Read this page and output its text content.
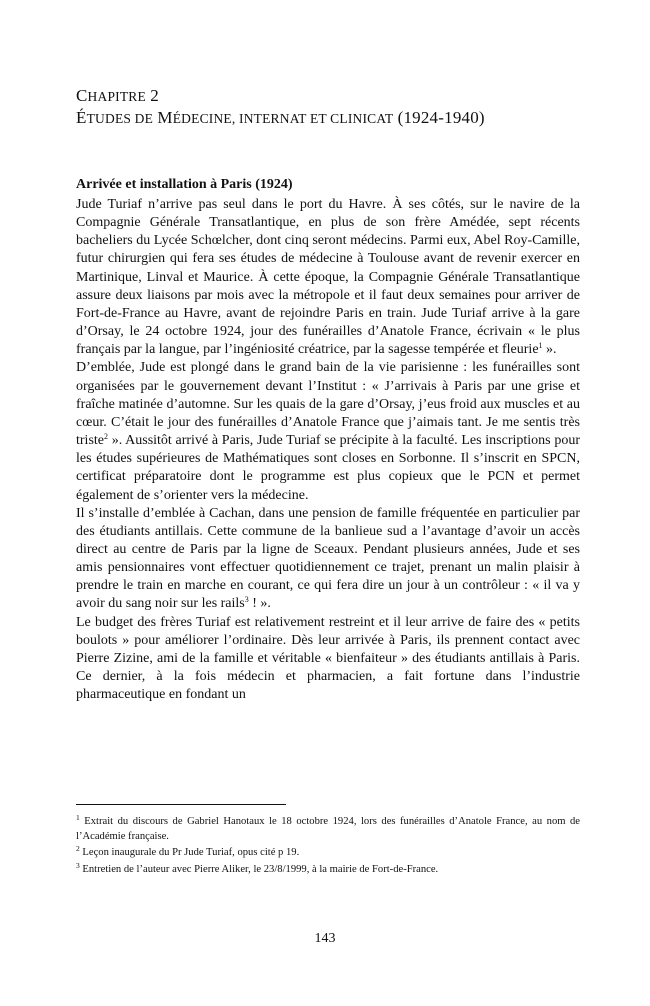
CHAPITRE 2
ÉTUDES DE MÉDECINE, INTERNAT ET CLINICAT (1924-1940)
Arrivée et installation à Paris (1924)

Jude Turiaf n’arrive pas seul dans le port du Havre. À ses côtés, sur le navire de la Compagnie Générale Transatlantique, en plus de son frère Amédée, sept récents bacheliers du Lycée Schœlcher, dont cinq seront médecins. Parmi eux, Abel Roy-Camille, futur chirurgien qui fera ses études de médecine à Toulouse avant de revenir exercer en Martinique, Linval et Maurice. À cette époque, la Compagnie Générale Transatlantique assure deux liaisons par mois avec la métropole et il faut deux semaines pour arriver de Fort-de-France au Havre, avant de rejoindre Paris en train. Jude Turiaf arrive à la gare d’Orsay, le 24 octobre 1924, jour des funérailles d’Anatole France, écrivain « le plus français par la langue, par l’ingéniosité créatrice, par la sagesse tempérée et fleurie$^1$ ».

D’emblée, Jude est plongé dans le grand bain de la vie parisienne : les funérailles sont organisées par le gouvernement devant l’Institut : « J’arrivais à Paris par une grise et fraîche matinée d’automne. Sur les quais de la gare d’Orsay, j’eus froid aux muscles et au cœur. C’était le jour des funérailles d’Anatole France que j’aimais tant. Je me sentis très triste$^2$ ». Aussitôt arrivé à Paris, Jude Turiaf se précipite à la faculté. Les inscriptions pour les études supérieures de Mathématiques sont closes en Sorbonne. Il s’inscrit en SPCN, certificat préparatoire dont le programme est plus copieux que le PCN et permet également de s’orienter vers la médecine.

Il s’installe d’emblée à Cachan, dans une pension de famille fréquentée en particulier par des étudiants antillais. Cette commune de la banlieue sud a l’avantage d’avoir un accès direct au centre de Paris par la ligne de Sceaux. Pendant plusieurs années, Jude et ses amis pensionnaires vont effectuer quotidiennement ce trajet, prenant un malin plaisir à prendre le train en marche en courant, ce qui fera dire un jour à un contrôleur : « il va y avoir du sang noir sur les rails$^3$ ! ».

Le budget des frères Turiaf est relativement restreint et il leur arrive de faire des « petits boulots » pour améliorer l’ordinaire. Dès leur arrivée à Paris, ils prennent contact avec Pierre Zizine, ami de la famille et véritable « bienfaiteur » des étudiants antillais à Paris. Ce dernier, à la fois médecin et pharmacien, a fait fortune dans l’industrie pharmaceutique en fondant un

$^1$ Extrait du discours de Gabriel Hanotaux le 18 octobre 1924, lors des funérailles d’Anatole France, au nom de l’Académie française.

$^2$ Leçon inaugurale du Pr Jude Turiaf, opus cité p 19.

$^3$ Entretien de l’auteur avec Pierre Aliker, le 23/8/1999, à la mairie de Fort-de-France.

143
